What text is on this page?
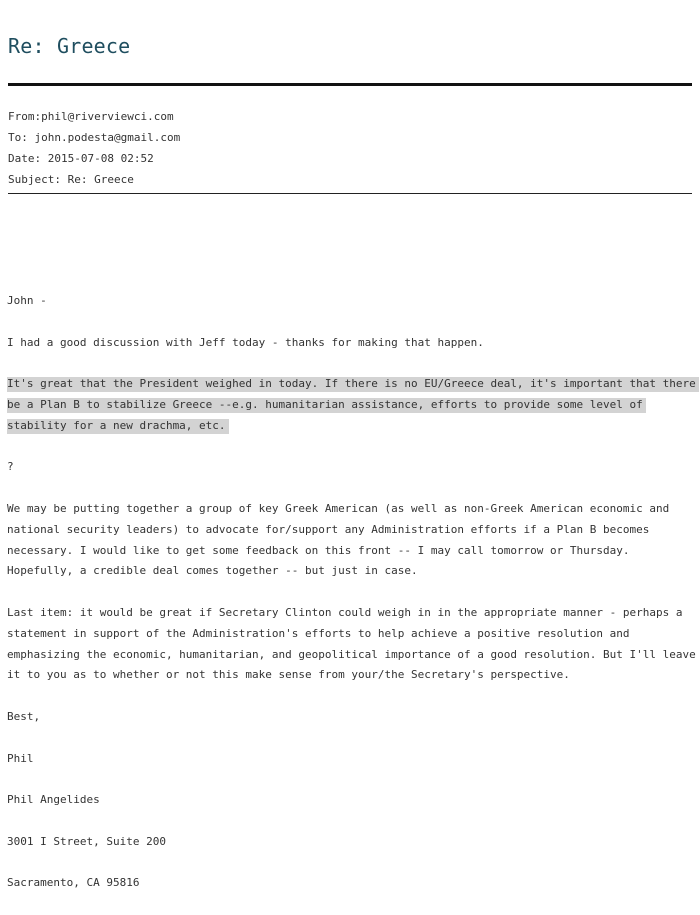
Re: Greece
From:phil@riverviewci.com
To: john.podesta@gmail.com
Date: 2015-07-08 02:52
Subject: Re: Greece

John -

I had a good discussion with Jeff today - thanks for making that happen.

It's great that the President weighed in today. If there is no EU/Greece deal, it's important that there be a Plan B to stabilize Greece --e.g. humanitarian assistance, efforts to provide some level of stability for a new drachma, etc.

?

We may be putting together a group of key Greek American (as well as non-Greek American economic and national security leaders) to advocate for/support any Administration efforts if a Plan B becomes necessary. I would like to get some feedback on this front -- I may call tomorrow or Thursday. Hopefully, a credible deal comes together -- but just in case.

Last item: it would be great if Secretary Clinton could weigh in in the appropriate manner - perhaps a statement in support of the Administration's efforts to help achieve a positive resolution and emphasizing the economic, humanitarian, and geopolitical importance of a good resolution. But I'll leave it to you as to whether or not this make sense from your/the Secretary's perspective.

Best,

Phil

Phil Angelides

3001 I Street, Suite 200

Sacramento, CA 95816
